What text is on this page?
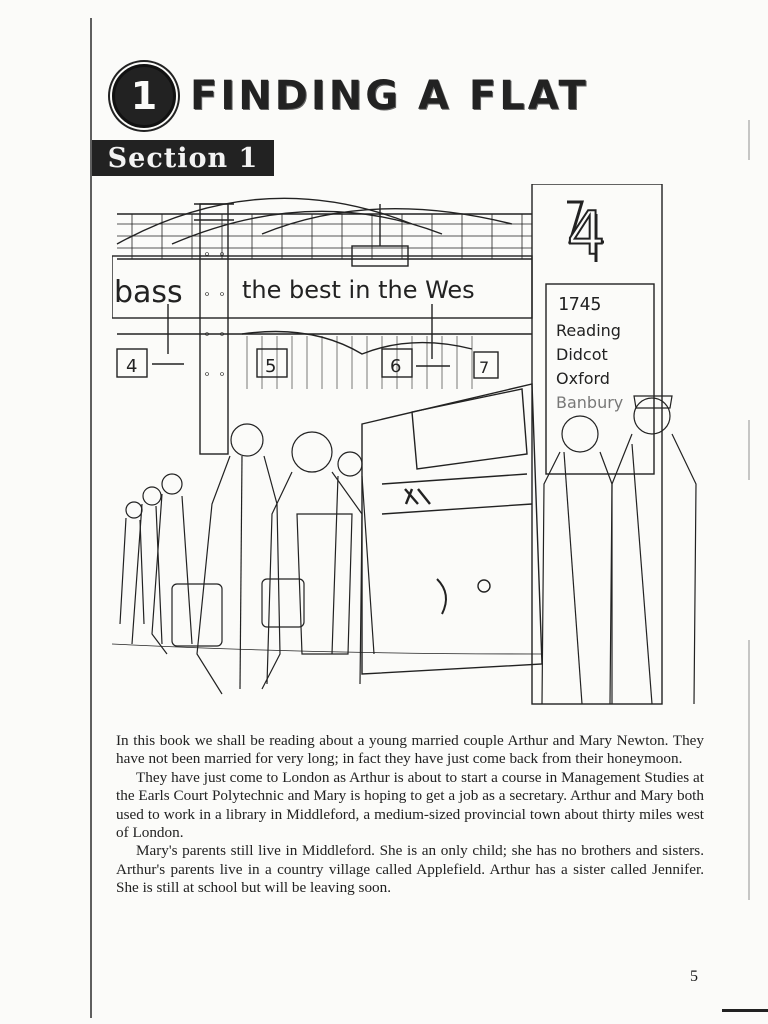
1 FINDING A FLAT
Section 1
bass the best in the Wes
4	5	6	7
4
1745
Reading
Didcot
Oxford
Banbury

In this book we shall be reading about a young married couple Arthur and Mary Newton. They have not been married for very long; in fact they have just come back from their honeymoon.

They have just come to London as Arthur is about to start a course in Management Studies at the Earls Court Polytechnic and Mary is hoping to get a job as a secretary. Arthur and Mary both used to work in a library in Middleford, a medium-sized provincial town about thirty miles west of London.

Mary's parents still live in Middleford. She is an only child; she has no brothers and sisters. Arthur's parents live in a country village called Applefield. Arthur has a sister called Jennifer. She is still at school but will be leaving soon.

5
